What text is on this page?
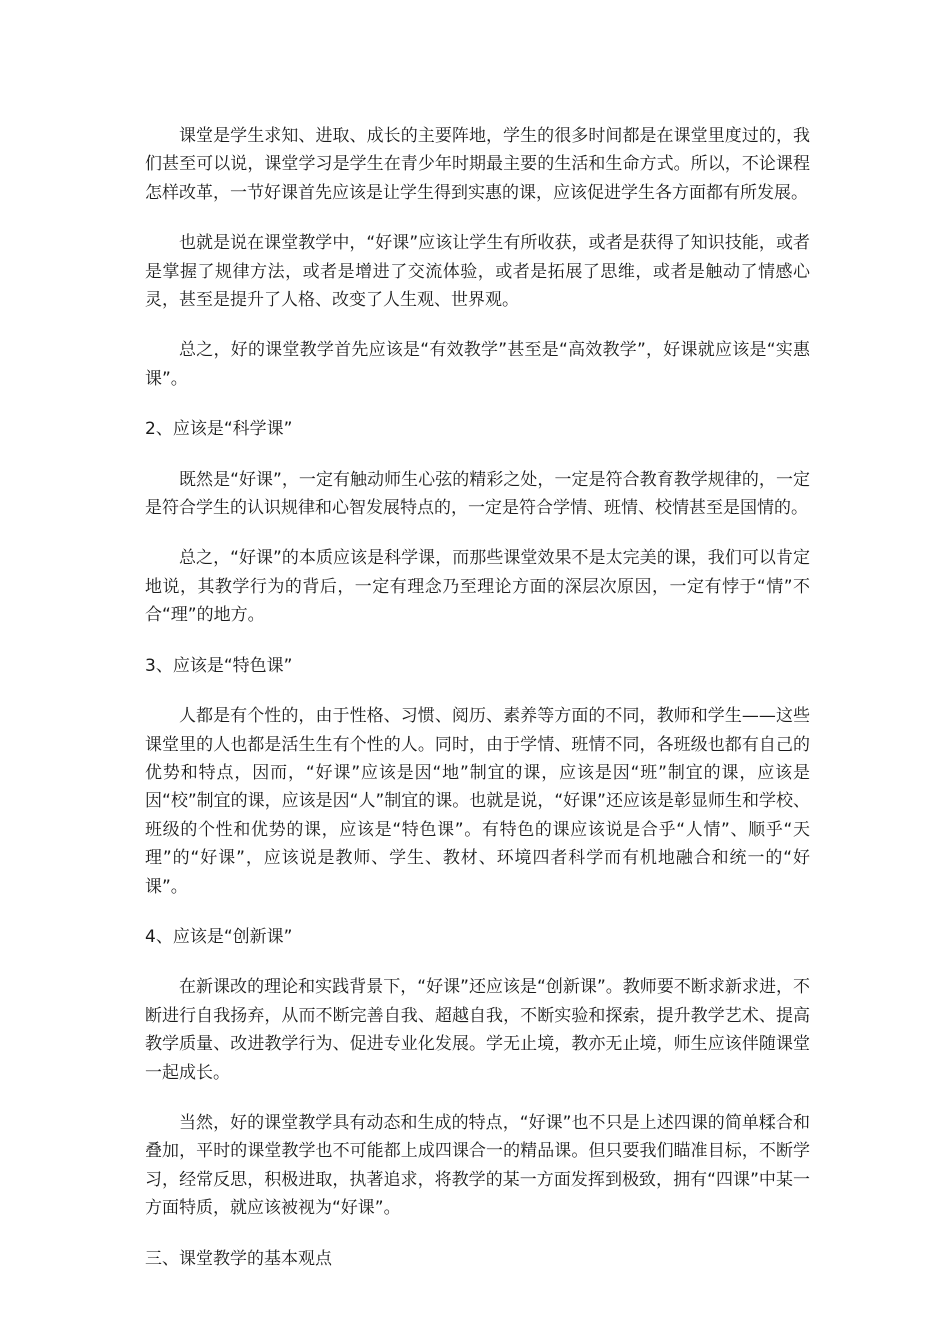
课堂是学生求知、进取、成长的主要阵地，学生的很多时间都是在课堂里度过的，我们甚至可以说，课堂学习是学生在青少年时期最主要的生活和生命方式。所以，不论课程怎样改革，一节好课首先应该是让学生得到实惠的课，应该促进学生各方面都有所发展。

也就是说在课堂教学中，“好课”应该让学生有所收获，或者是获得了知识技能，或者是掌握了规律方法，或者是增进了交流体验，或者是拓展了思维，或者是触动了情感心灵，甚至是提升了人格、改变了人生观、世界观。

总之，好的课堂教学首先应该是“有效教学”甚至是“高效教学”，好课就应该是“实惠课”。

2、应该是“科学课”

既然是“好课”，一定有触动师生心弦的精彩之处，一定是符合教育教学规律的，一定是符合学生的认识规律和心智发展特点的，一定是符合学情、班情、校情甚至是国情的。

总之，“好课”的本质应该是科学课，而那些课堂效果不是太完美的课，我们可以肯定地说，其教学行为的背后，一定有理念乃至理论方面的深层次原因，一定有悖于“情”不合“理”的地方。

3、应该是“特色课”

人都是有个性的，由于性格、习惯、阅历、素养等方面的不同，教师和学生——这些课堂里的人也都是活生生有个性的人。同时，由于学情、班情不同，各班级也都有自己的优势和特点，因而，“好课”应该是因“地”制宜的课，应该是因“班”制宜的课，应该是因“校”制宜的课，应该是因“人”制宜的课。也就是说，“好课”还应该是彰显师生和学校、班级的个性和优势的课，应该是“特色课”。有特色的课应该说是合乎“人情”、顺乎“天理”的“好课”，应该说是教师、学生、教材、环境四者科学而有机地融合和统一的“好课”。

4、应该是“创新课”

在新课改的理论和实践背景下，“好课”还应该是“创新课”。教师要不断求新求进，不断进行自我扬弃，从而不断完善自我、超越自我，不断实验和探索，提升教学艺术、提高教学质量、改进教学行为、促进专业化发展。学无止境，教亦无止境，师生应该伴随课堂一起成长。

当然，好的课堂教学具有动态和生成的特点，“好课”也不只是上述四课的简单糅合和叠加，平时的课堂教学也不可能都上成四课合一的精品课。但只要我们瞄准目标，不断学习，经常反思，积极进取，执著追求，将教学的某一方面发挥到极致，拥有“四课”中某一方面特质，就应该被视为“好课”。

三、课堂教学的基本观点
